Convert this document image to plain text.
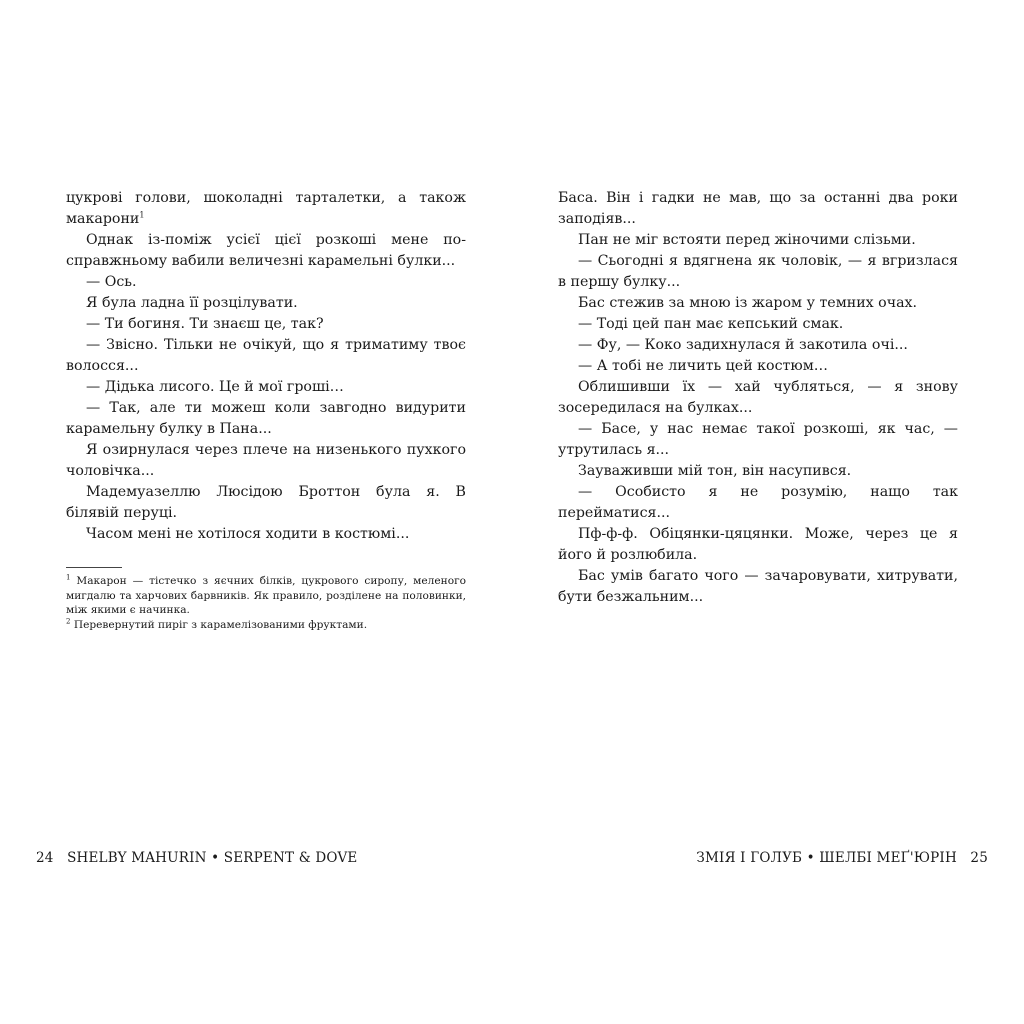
цукрові голови, шоколадні тарталетки, а також макарони$^1$

Однак із-поміж усієї цієї розкоші мене по-справжньому вабили величезні карамельні булки...

— Ось.

Я була ладна її розцілувати.

— Ти богиня. Ти знаєш це, так?

— Звісно. Тільки не очікуй, що я триматиму твоє волосся...

— Дідька лисого. Це й мої гроші…

— Так, але ти можеш коли завгодно видурити карамельну булку в Пана...

Я озирнулася через плече на низенького пухкого чоловічка...

Мадемуазеллю Люсідою Броттон була я. В білявій перуці.

Часом мені не хотілося ходити в костюмі...

$^1$ Макарон — тістечко з яєчних білків, цукрового сиропу, меленого мигдалю та харчових барвників. Як правило, розділене на половинки, між якими є начинка.

$^2$ Перевернутий пиріг з карамелізованими фруктами.

Баса. Він і гадки не мав, що за останні два роки заподіяв...

Пан не міг встояти перед жіночими слізьми.

— Сьогодні я вдягнена як чоловік, — я вгризлася в першу булку...

Бас стежив за мною із жаром у темних очах.

— Тоді цей пан має кепський смак.

— Фу, — Коко задихнулася й закотила очі...

— А тобі не личить цей костюм…

Облишивши їх — хай чубляться, — я знову зосередилася на булках...

— Басе, у нас немає такої розкоші, як час, — утрутилась я...

Зауваживши мій тон, він насупився.

— Особисто я не розумію, нащо так перейматися...

Пф-ф-ф. Обіцянки-цяцянки. Може, через це я його й розлюбила.

Бас умів багато чого — зачаровувати, хитрувати, бути безжальним...

24 SHELBY MAHURIN • SERPENT & DOVE	ЗМІЯ І ГОЛУБ • ШЕЛБІ МЕҐ'ЮРІН 25
